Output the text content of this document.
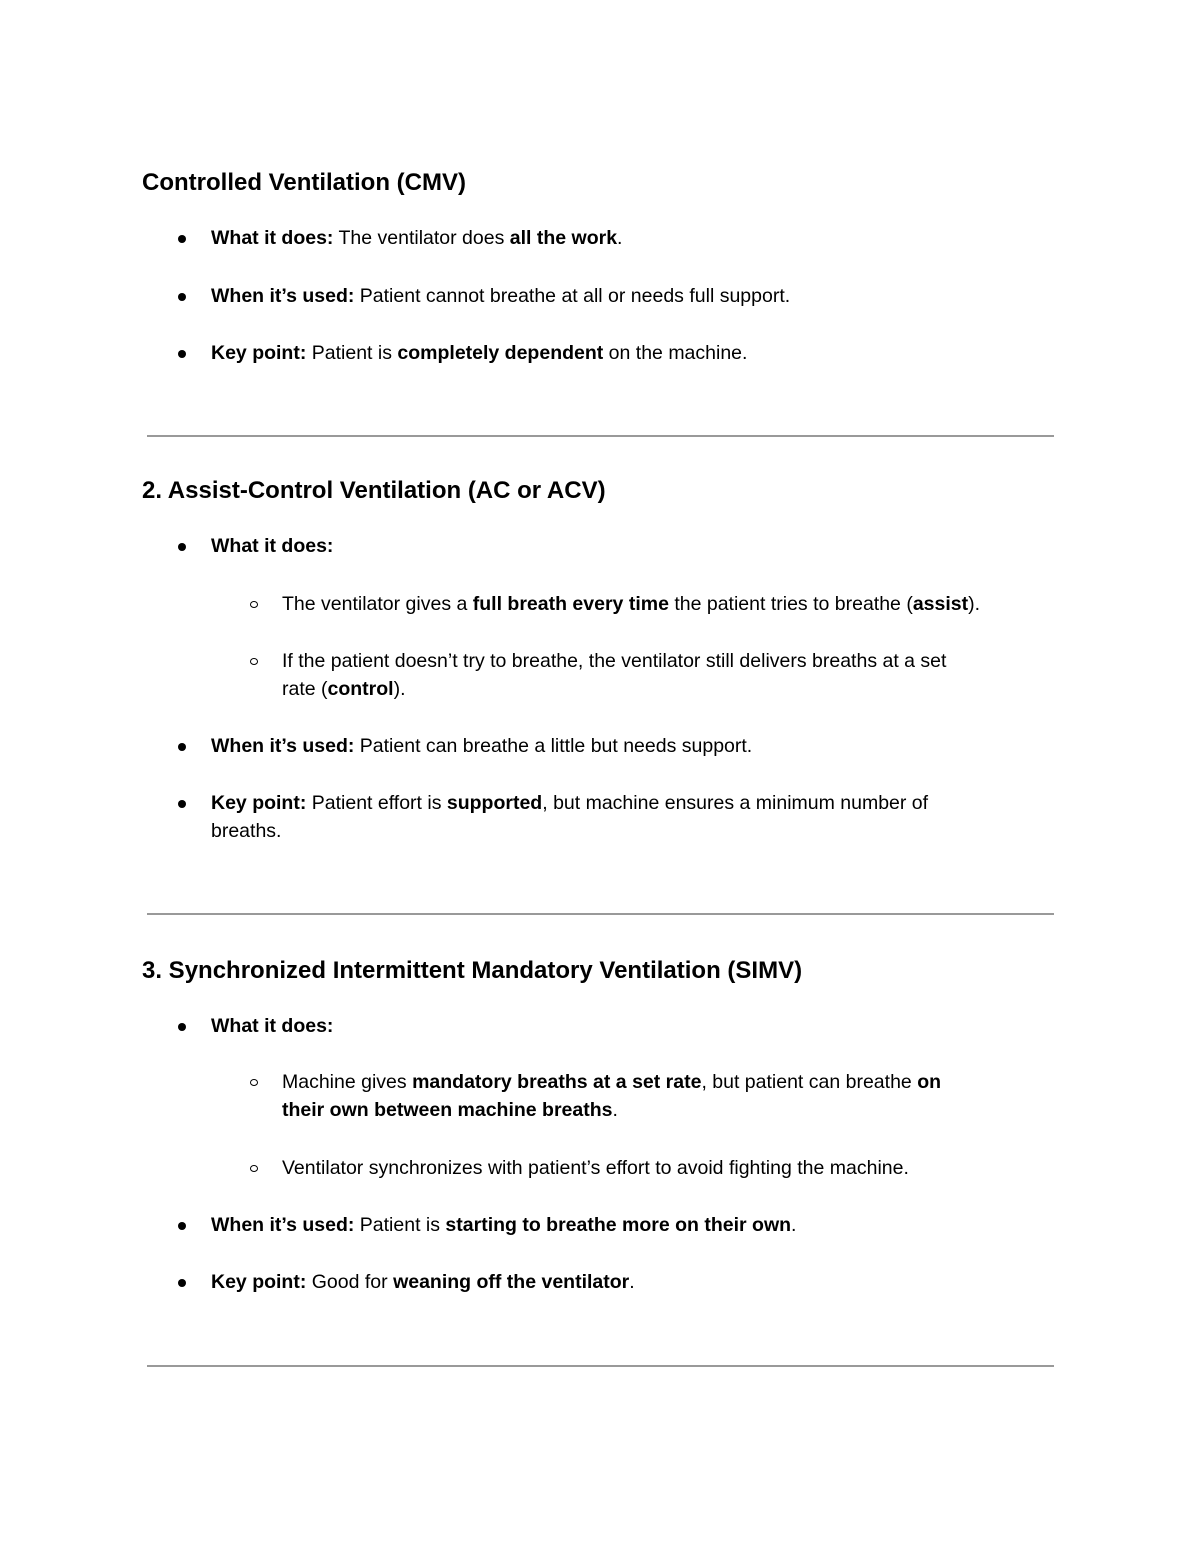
Controlled Ventilation (CMV)
What it does: The ventilator does all the work.
When it’s used: Patient cannot breathe at all or needs full support.
Key point: Patient is completely dependent on the machine.
2. Assist-Control Ventilation (AC or ACV)
What it does:
The ventilator gives a full breath every time the patient tries to breathe (assist).
If the patient doesn’t try to breathe, the ventilator still delivers breaths at a set
rate (control).
When it’s used: Patient can breathe a little but needs support.
Key point: Patient effort is supported, but machine ensures a minimum number of
breaths.
3. Synchronized Intermittent Mandatory Ventilation (SIMV)
What it does:
Machine gives mandatory breaths at a set rate, but patient can breathe on
their own between machine breaths.
Ventilator synchronizes with patient’s effort to avoid fighting the machine.
When it’s used: Patient is starting to breathe more on their own.
Key point: Good for weaning off the ventilator.
